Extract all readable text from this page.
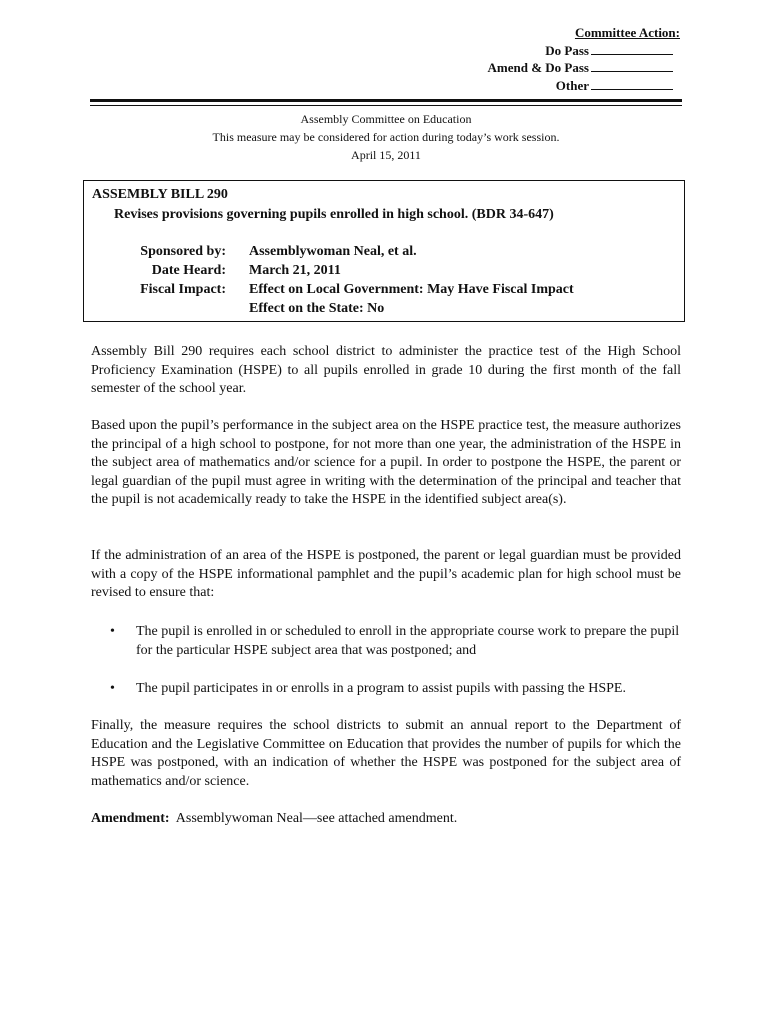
Committee Action:
Do Pass
Amend & Do Pass
Other
Assembly Committee on Education
This measure may be considered for action during today’s work session.
April 15, 2011
ASSEMBLY BILL 290
Revises provisions governing pupils enrolled in high school. (BDR 34-647)
Sponsored by: Assemblywoman Neal, et al.
Date Heard: March 21, 2011
Fiscal Impact: Effect on Local Government: May Have Fiscal Impact
Effect on the State: No
Assembly Bill 290 requires each school district to administer the practice test of the High School Proficiency Examination (HSPE) to all pupils enrolled in grade 10 during the first month of the fall semester of the school year.
Based upon the pupil’s performance in the subject area on the HSPE practice test, the measure authorizes the principal of a high school to postpone, for not more than one year, the administration of the HSPE in the subject area of mathematics and/or science for a pupil. In order to postpone the HSPE, the parent or legal guardian of the pupil must agree in writing with the determination of the principal and teacher that the pupil is not academically ready to take the HSPE in the identified subject area(s).
If the administration of an area of the HSPE is postponed, the parent or legal guardian must be provided with a copy of the HSPE informational pamphlet and the pupil’s academic plan for high school must be revised to ensure that:
• The pupil is enrolled in or scheduled to enroll in the appropriate course work to prepare the pupil for the particular HSPE subject area that was postponed; and
• The pupil participates in or enrolls in a program to assist pupils with passing the HSPE.
Finally, the measure requires the school districts to submit an annual report to the Department of Education and the Legislative Committee on Education that provides the number of pupils for which the HSPE was postponed, with an indication of whether the HSPE was postponed for the subject area of mathematics and/or science.
Amendment: Assemblywoman Neal—see attached amendment.
